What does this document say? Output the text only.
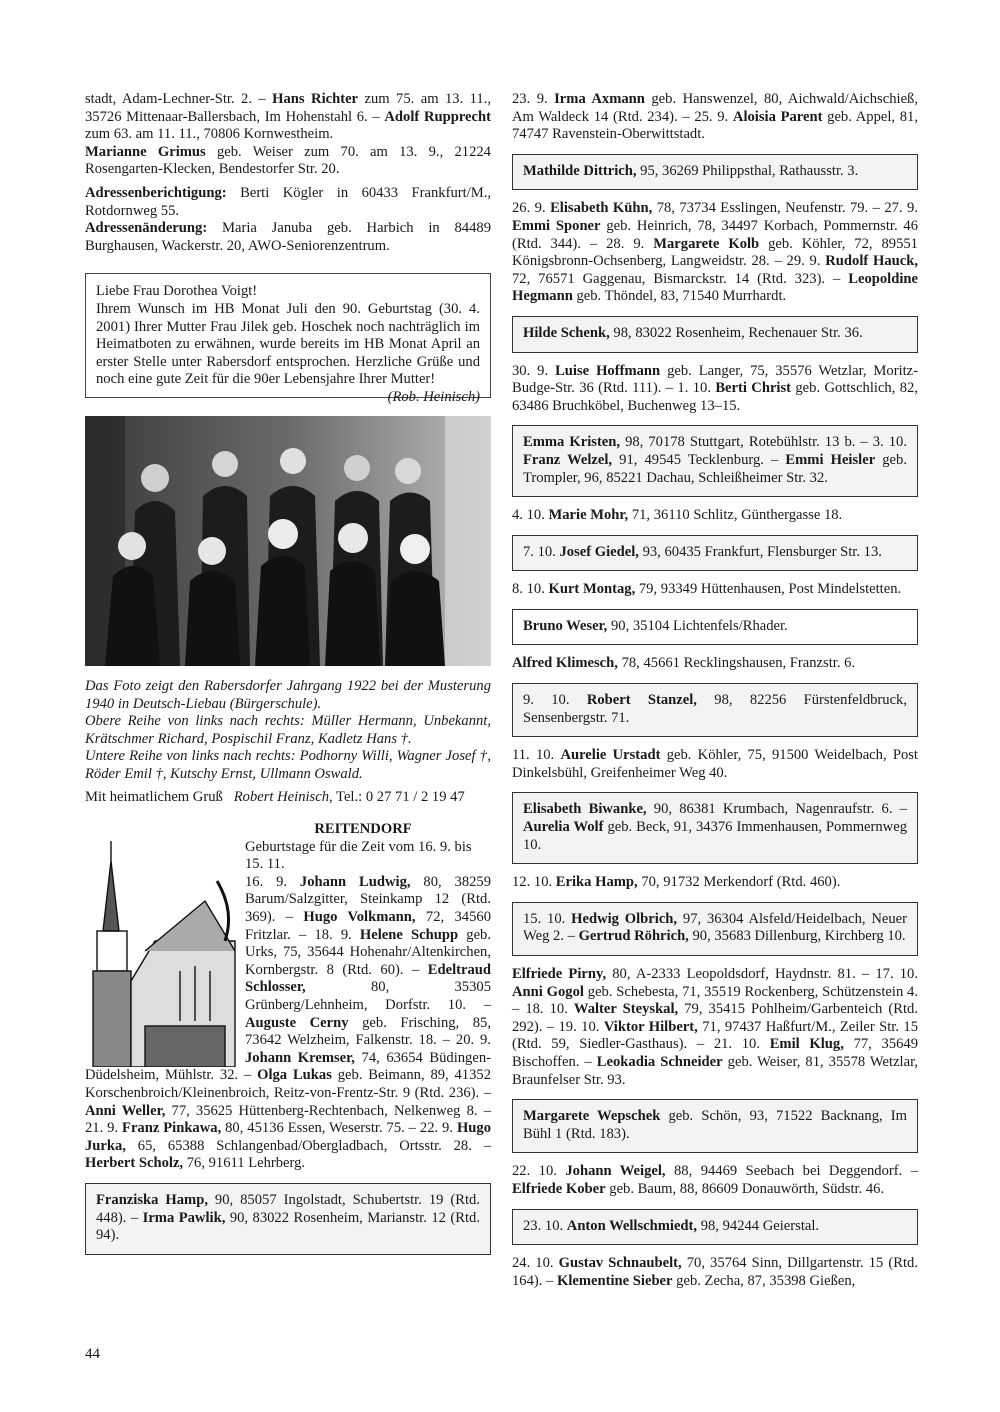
stadt, Adam-Lechner-Str. 2. – Hans Richter zum 75. am 13. 11., 35726 Mittenaar-Ballersbach, Im Hohenstahl 6. – Adolf Rupprecht zum 63. am 11. 11., 70806 Kornwestheim.

Marianne Grimus geb. Weiser zum 70. am 13. 9., 21224 Rosengarten-Klecken, Bendestorfer Str. 20.

Adressenberichtigung: Berti Kögler in 60433 Frankfurt/M., Rotdornweg 55.

Adressenänderung: Maria Januba geb. Harbich in 84489 Burghausen, Wackerstr. 20, AWO-Seniorenzentrum.

Liebe Frau Dorothea Voigt!

Ihrem Wunsch im HB Monat Juli den 90. Geburtstag (30. 4. 2001) Ihrer Mutter Frau Jilek geb. Hoschek noch nachträglich im Heimatboten zu erwähnen, wurde bereits im HB Monat April an erster Stelle unter Rabersdorf entsprochen. Herzliche Grüße und noch eine gute Zeit für die 90er Lebensjahre Ihrer Mutter!
(Rob. Heinisch)

Das Foto zeigt den Rabersdorfer Jahrgang 1922 bei der Musterung 1940 in Deutsch-Liebau (Bürgerschule).

Obere Reihe von links nach rechts: Müller Hermann, Unbekannt, Krätschmer Richard, Pospischil Franz, Kadletz Hans †.

Untere Reihe von links nach rechts: Podhorny Willi, Wagner Josef †, Röder Emil †, Kutschy Ernst, Ullmann Oswald.

Mit heimatlichem Gruß Robert Heinisch, Tel.: 0 27 71 / 2 19 47

REITENDORF

Geburtstage für die Zeit vom 16. 9. bis 15. 11.

16. 9. Johann Ludwig, 80, 38259 Barum/Salzgitter, Steinkamp 12 (Rtd. 369). – Hugo Volkmann, 72, 34560 Fritzlar. – 18. 9. Helene Schupp geb. Urks, 75, 35644 Hohenahr/Altenkirchen, Kornbergstr. 8 (Rtd. 60). – Edeltraud Schlosser, 80, 35305 Grünberg/Lehnheim, Dorfstr. 10. – Auguste Cerny geb. Frisching, 85, 73642 Welzheim, Falkenstr. 18. – 20. 9. Johann Kremser, 74, 63654 Büdingen-Düdelsheim, Mühlstr. 32. – Olga Lukas geb. Beimann, 89, 41352 Korschenbroich/Kleinenbroich, Reitz-von-Frentz-Str. 9 (Rtd. 236). – Anni Weller, 77, 35625 Hüttenberg-Rechtenbach, Nelkenweg 8. – 21. 9. Franz Pinkawa, 80, 45136 Essen, Weserstr. 75. – 22. 9. Hugo Jurka, 65, 65388 Schlangenbad/Obergladbach, Ortsstr. 28. – Herbert Scholz, 76, 91611 Lehrberg.

Franziska Hamp, 90, 85057 Ingolstadt, Schubertstr. 19 (Rtd. 448). – Irma Pawlik, 90, 83022 Rosenheim, Marianstr. 12 (Rtd. 94).

23. 9. Irma Axmann geb. Hanswenzel, 80, Aichwald/Aichschieß, Am Waldeck 14 (Rtd. 234). – 25. 9. Aloisia Parent geb. Appel, 81, 74747 Ravenstein-Oberwittstadt.

Mathilde Dittrich, 95, 36269 Philippsthal, Rathausstr. 3.

26. 9. Elisabeth Kühn, 78, 73734 Esslingen, Neufenstr. 79. – 27. 9. Emmi Sponer geb. Heinrich, 78, 34497 Korbach, Pommernstr. 46 (Rtd. 344). – 28. 9. Margarete Kolb geb. Köhler, 72, 89551 Königsbronn-Ochsenberg, Langweidstr. 28. – 29. 9. Rudolf Hauck, 72, 76571 Gaggenau, Bismarckstr. 14 (Rtd. 323). – Leopoldine Hegmann geb. Thöndel, 83, 71540 Murrhardt.

Hilde Schenk, 98, 83022 Rosenheim, Rechenauer Str. 36.

30. 9. Luise Hoffmann geb. Langer, 75, 35576 Wetzlar, Moritz-Budge-Str. 36 (Rtd. 111). – 1. 10. Berti Christ geb. Gottschlich, 82, 63486 Bruchköbel, Buchenweg 13–15.

Emma Kristen, 98, 70178 Stuttgart, Rotebühlstr. 13 b. – 3. 10. Franz Welzel, 91, 49545 Tecklenburg. – Emmi Heisler geb. Trompler, 96, 85221 Dachau, Schleißheimer Str. 32.

4. 10. Marie Mohr, 71, 36110 Schlitz, Günthergasse 18.

7. 10. Josef Giedel, 93, 60435 Frankfurt, Flensburger Str. 13.

8. 10. Kurt Montag, 79, 93349 Hüttenhausen, Post Mindelstetten.

Bruno Weser, 90, 35104 Lichtenfels/Rhader.

Alfred Klimesch, 78, 45661 Recklingshausen, Franzstr. 6.

9. 10. Robert Stanzel, 98, 82256 Fürstenfeldbruck, Sensenbergstr. 71.

11. 10. Aurelie Urstadt geb. Köhler, 75, 91500 Weidelbach, Post Dinkelsbühl, Greifenheimer Weg 40.

Elisabeth Biwanke, 90, 86381 Krumbach, Nagenraufstr. 6. – Aurelia Wolf geb. Beck, 91, 34376 Immenhausen, Pommernweg 10.

12. 10. Erika Hamp, 70, 91732 Merkendorf (Rtd. 460).

15. 10. Hedwig Olbrich, 97, 36304 Alsfeld/Heidelbach, Neuer Weg 2. – Gertrud Röhrich, 90, 35683 Dillenburg, Kirchberg 10.

Elfriede Pirny, 80, A-2333 Leopoldsdorf, Haydnstr. 81. – 17. 10. Anni Gogol geb. Schebesta, 71, 35519 Rockenberg, Schützenstein 4. – 18. 10. Walter Steyskal, 79, 35415 Pohlheim/Garbenteich (Rtd. 292). – 19. 10. Viktor Hilbert, 71, 97437 Haßfurt/M., Zeiler Str. 15 (Rtd. 59, Siedler-Gasthaus). – 21. 10. Emil Klug, 77, 35649 Bischoffen. – Leokadia Schneider geb. Weiser, 81, 35578 Wetzlar, Braunfelser Str. 93.

Margarete Wepschek geb. Schön, 93, 71522 Backnang, Im Bühl 1 (Rtd. 183).

22. 10. Johann Weigel, 88, 94469 Seebach bei Deggendorf. – Elfriede Kober geb. Baum, 88, 86609 Donauwörth, Südstr. 46.

23. 10. Anton Wellschmiedt, 98, 94244 Geierstal.

24. 10. Gustav Schnaubelt, 70, 35764 Sinn, Dillgartenstr. 15 (Rtd. 164). – Klementine Sieber geb. Zecha, 87, 35398 Gießen,

44
